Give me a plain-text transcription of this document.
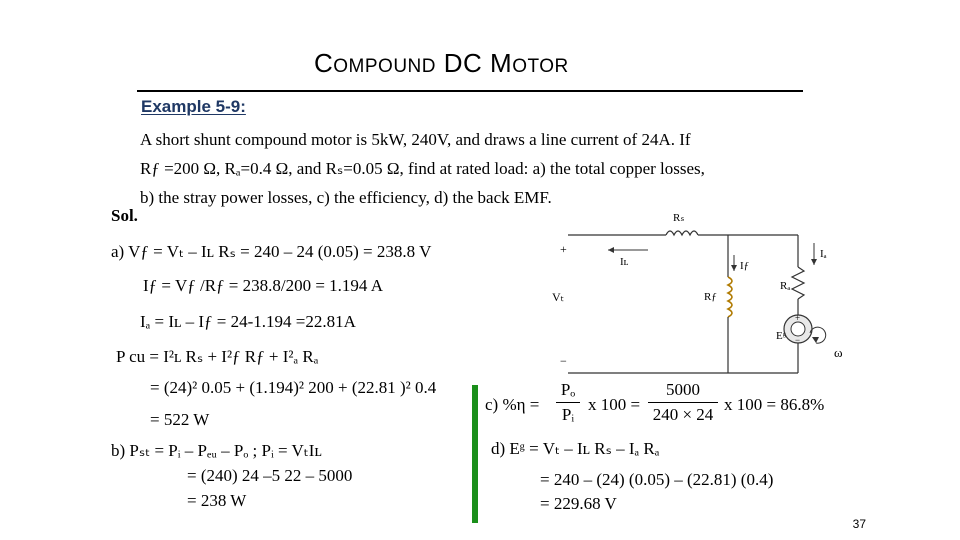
COMPOUND DC MOTOR
Example 5-9:
A short shunt compound motor is 5kW, 240V, and draws a line current of 24A. If
Rƒ =200 Ω, Rₐ=0.4 Ω, and Rₛ=0.05 Ω, find at rated load: a) the total copper losses,
b) the stray power losses, c) the efficiency, d) the back EMF.
Sol.
a) Vƒ = Vₜ – Iʟ Rₛ = 240 – 24 (0.05) = 238.8 V
Iƒ = Vƒ /Rƒ = 238.8/200 = 1.194 A
Iₐ = Iʟ – Iƒ = 24-1.194 =22.81A
P cu = I²ʟ Rₛ + I²ƒ Rƒ + I²ₐ Rₐ
= (24)² 0.05 + (1.194)² 200 + (22.81 )² 0.4
= 522 W
b) Pₛₜ = Pᵢ – Pₑᵤ – Pₒ ; Pᵢ = VₜIʟ
= (240) 24 –5 22 – 5000
= 238 W
c) %η =
Pₒ
Pᵢ
x 100 =
5000
240 × 24
x 100 = 86.8%
d) Eᵍ = Vₜ – Iʟ Rₛ – Iₐ Rₐ
= 240 – (24) (0.05) – (22.81) (0.4)
= 229.68 V
Rₛ
Iʟ
Rƒ
Iƒ
Rₐ
Iₐ
+
−
Eᵍ
ω
+
Vₜ
−
37
